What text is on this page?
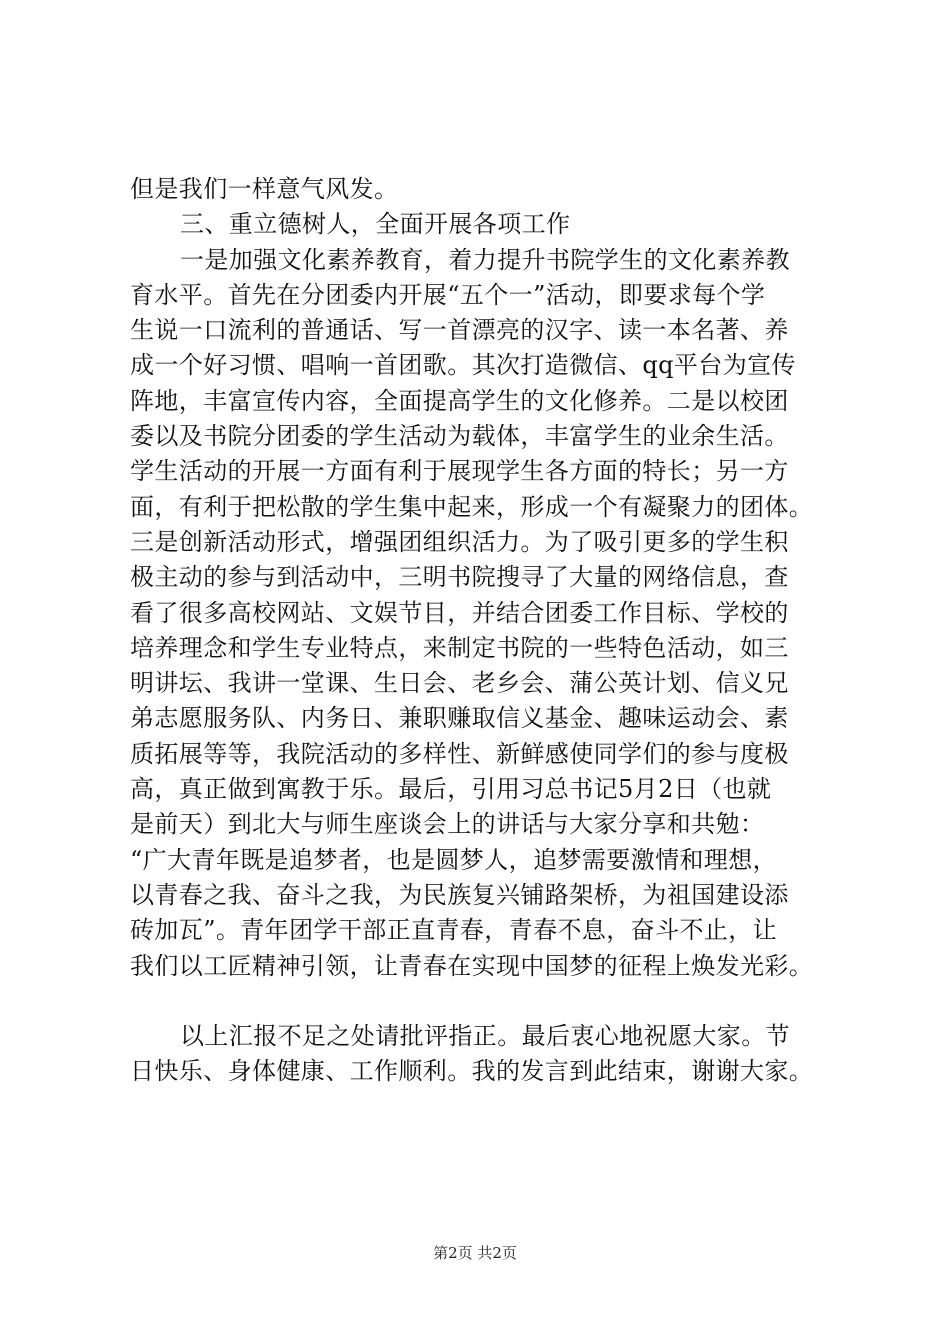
但是我们一样意气风发。
三、重立德树人，全面开展各项工作
一是加强文化素养教育，着力提升书院学生的文化素养教
育水平。首先在分团委内开展“五个一”活动，即要求每个学
生说一口流利的普通话、写一首漂亮的汉字、读一本名著、养
成一个好习惯、唱响一首团歌。其次打造微信、qq平台为宣传
阵地，丰富宣传内容，全面提高学生的文化修养。二是以校团
委以及书院分团委的学生活动为载体，丰富学生的业余生活。
学生活动的开展一方面有利于展现学生各方面的特长；另一方
面，有利于把松散的学生集中起来，形成一个有凝聚力的团体。
三是创新活动形式，增强团组织活力。为了吸引更多的学生积
极主动的参与到活动中，三明书院搜寻了大量的网络信息，查
看了很多高校网站、文娱节目，并结合团委工作目标、学校的
培养理念和学生专业特点，来制定书院的一些特色活动，如三
明讲坛、我讲一堂课、生日会、老乡会、蒲公英计划、信义兄
弟志愿服务队、内务日、兼职赚取信义基金、趣味运动会、素
质拓展等等，我院活动的多样性、新鲜感使同学们的参与度极
高，真正做到寓教于乐。最后，引用习总书记5月2日（也就
是前天）到北大与师生座谈会上的讲话与大家分享和共勉：
“广大青年既是追梦者，也是圆梦人，追梦需要激情和理想，
以青春之我、奋斗之我，为民族复兴铺路架桥，为祖国建设添
砖加瓦”。青年团学干部正直青春，青春不息，奋斗不止，让
我们以工匠精神引领，让青春在实现中国梦的征程上焕发光彩。
以上汇报不足之处请批评指正。最后衷心地祝愿大家。节
日快乐、身体健康、工作顺利。我的发言到此结束，谢谢大家。
第2页 共2页
